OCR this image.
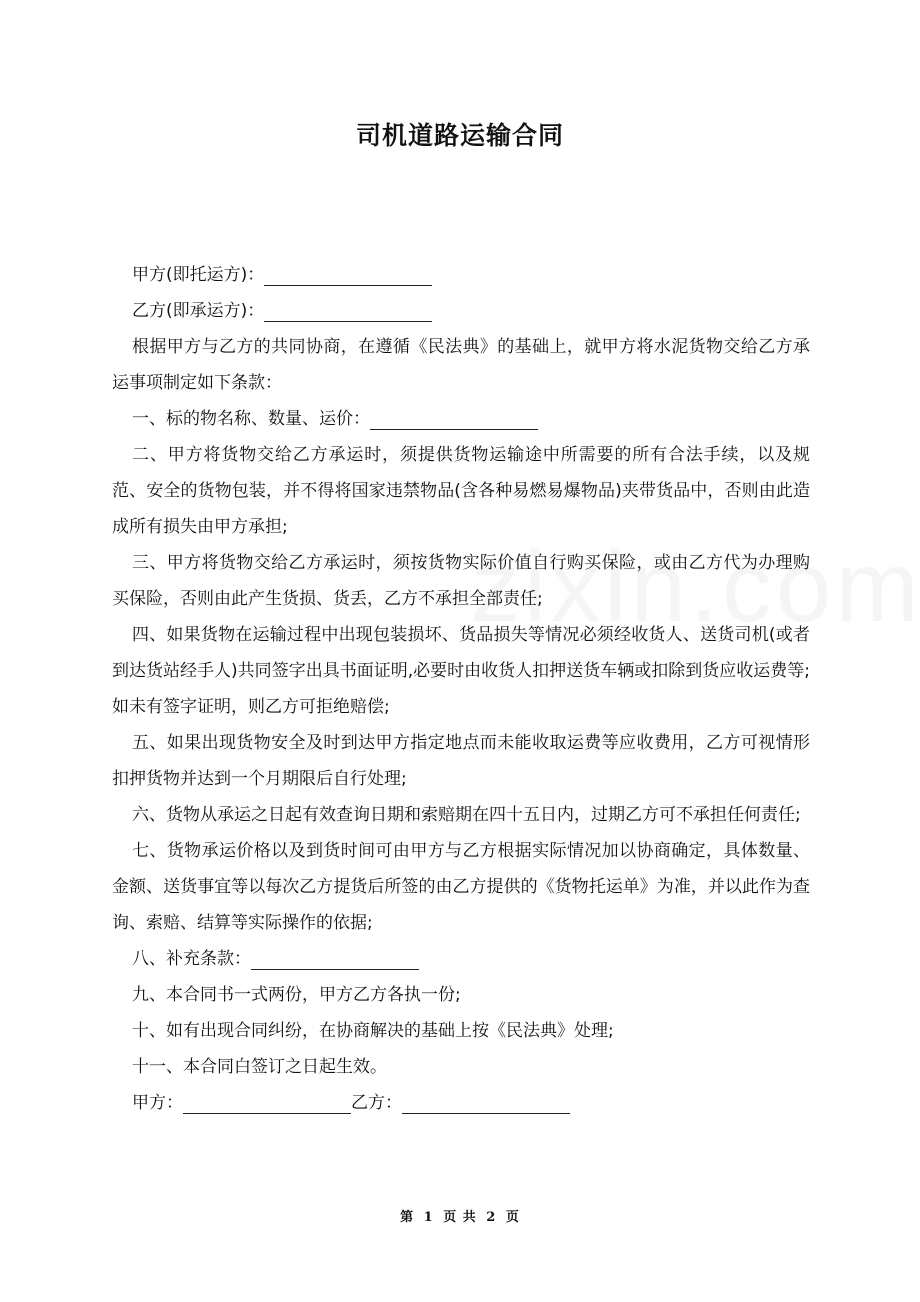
司机道路运输合同

甲方(即托运方)：

乙方(即承运方)：

根据甲方与乙方的共同协商，在遵循《民法典》的基础上，就甲方将水泥货物交给乙方承运事项制定如下条款：

一、标的物名称、数量、运价：

二、甲方将货物交给乙方承运时，须提供货物运输途中所需要的所有合法手续，以及规范、安全的货物包装，并不得将国家违禁物品(含各种易燃易爆物品)夹带货品中，否则由此造成所有损失由甲方承担;

三、甲方将货物交给乙方承运时，须按货物实际价值自行购买保险，或由乙方代为办理购买保险，否则由此产生货损、货丢，乙方不承担全部责任;

四、如果货物在运输过程中出现包装损坏、货品损失等情况必须经收货人、送货司机(或者到达货站经手人)共同签字出具书面证明,必要时由收货人扣押送货车辆或扣除到货应收运费等;如未有签字证明，则乙方可拒绝赔偿;

五、如果出现货物安全及时到达甲方指定地点而未能收取运费等应收费用，乙方可视情形扣押货物并达到一个月期限后自行处理;

六、货物从承运之日起有效查询日期和索赔期在四十五日内，过期乙方可不承担任何责任;

七、货物承运价格以及到货时间可由甲方与乙方根据实际情况加以协商确定，具体数量、金额、送货事宜等以每次乙方提货后所签的由乙方提供的《货物托运单》为准，并以此作为查询、索赔、结算等实际操作的依据;

八、补充条款：

九、本合同书一式两份，甲方乙方各执一份;

十、如有出现合同纠纷，在协商解决的基础上按《民法典》处理;

十一、本合同白签订之日起生效。

甲方：	乙方：

第 1 页 共 2 页
